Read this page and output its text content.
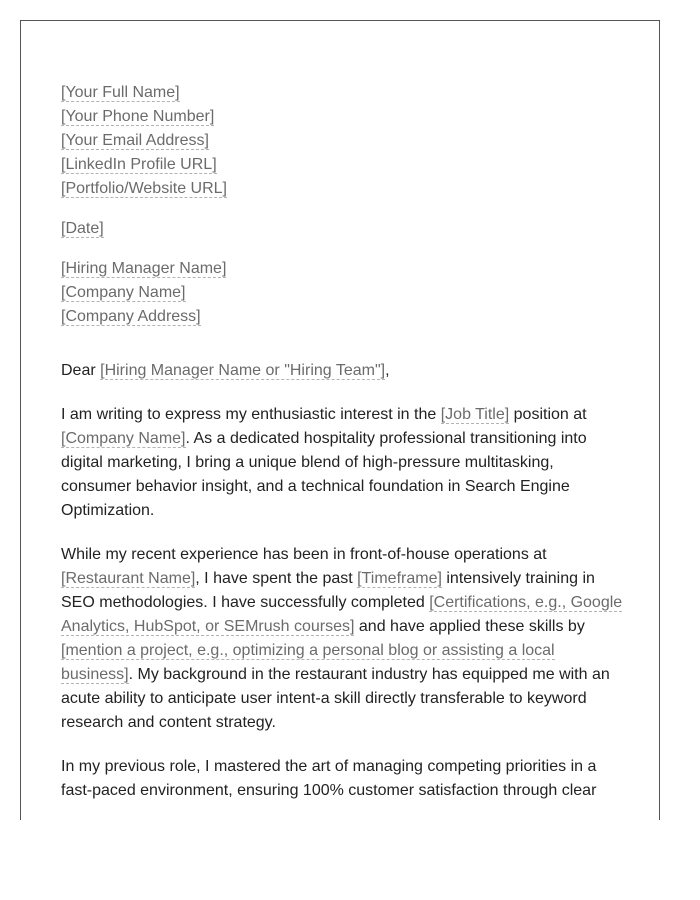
[Your Full Name]
[Your Phone Number]
[Your Email Address]
[LinkedIn Profile URL]
[Portfolio/Website URL]
[Date]
[Hiring Manager Name]
[Company Name]
[Company Address]

Dear [Hiring Manager Name or "Hiring Team"],

I am writing to express my enthusiastic interest in the [Job Title] position at [Company Name]. As a dedicated hospitality professional transitioning into digital marketing, I bring a unique blend of high-pressure multitasking, consumer behavior insight, and a technical foundation in Search Engine Optimization.

While my recent experience has been in front-of-house operations at [Restaurant Name], I have spent the past [Timeframe] intensively training in SEO methodologies. I have successfully completed [Certifications, e.g., Google Analytics, HubSpot, or SEMrush courses] and have applied these skills by [mention a project, e.g., optimizing a personal blog or assisting a local business]. My background in the restaurant industry has equipped me with an acute ability to anticipate user intent-a skill directly transferable to keyword research and content strategy.

In my previous role, I mastered the art of managing competing priorities in a fast-paced environment, ensuring 100% customer satisfaction through clear
